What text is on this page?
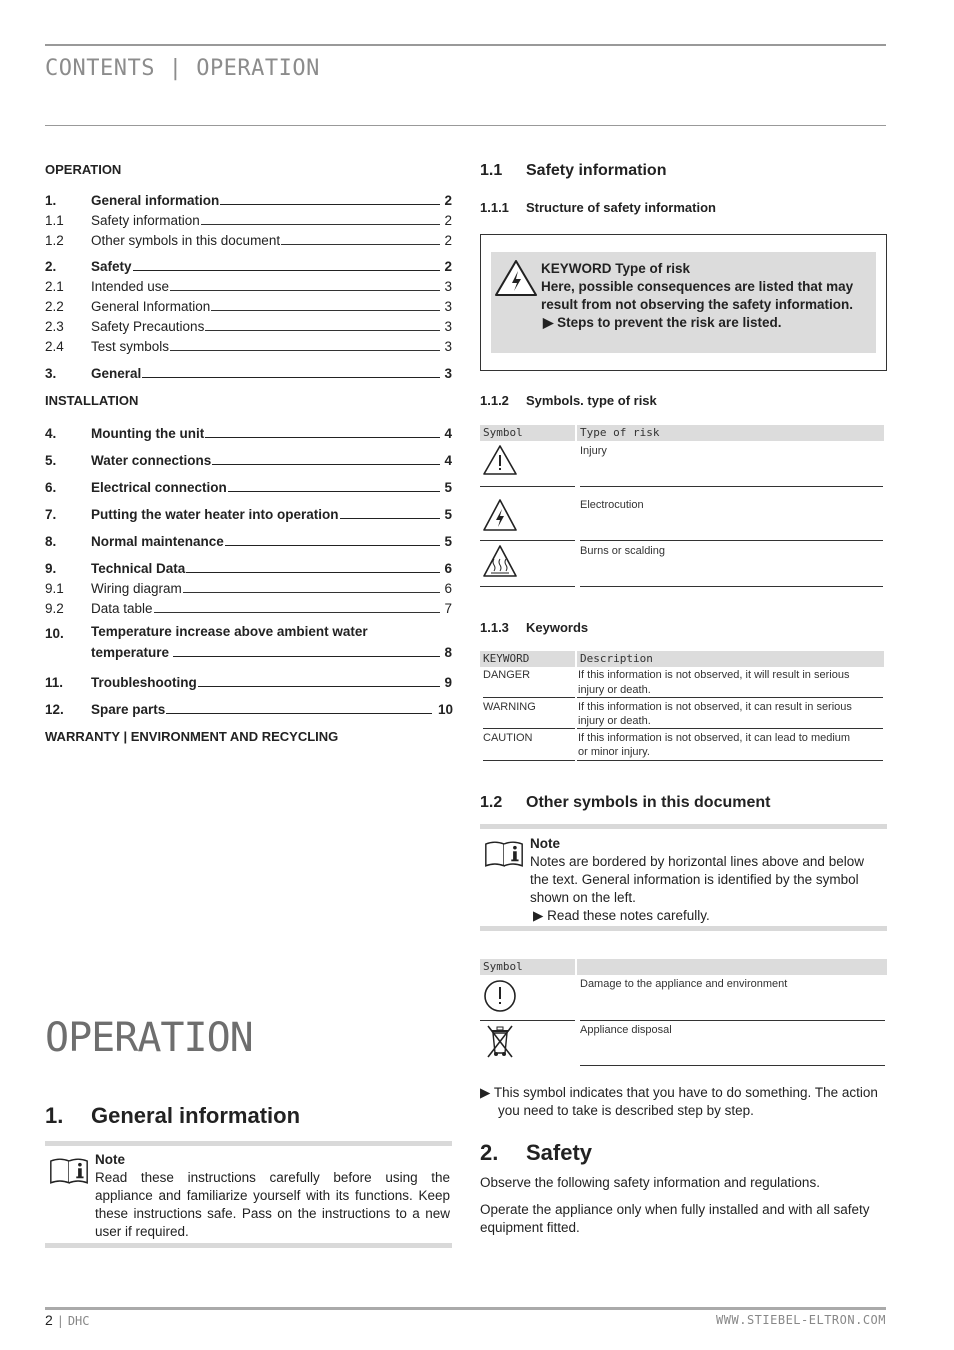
CONTENTS | OPERATION
OPERATION
1.	General information	2
1.1	Safety information	2
1.2	Other symbols in this document	2
2.	Safety	2
2.1	Intended use	3
2.2	General Information	3
2.3	Safety Precautions	3
2.4	Test symbols	3
3.	General	3
INSTALLATION
4.	Mounting the unit	4
5.	Water connections	4
6.	Electrical connection	5
7.	Putting the water heater into operation	5
8.	Normal maintenance	5
9.	Technical Data	6
9.1	Wiring diagram	6
9.2	Data table	7
10.	Temperature increase above ambient water
temperature	8
11.	Troubleshooting	9
12.	Spare parts	10
WARRANTY | ENVIRONMENT AND RECYCLING
OPERATION
1. General information
Note
Read these instructions carefully before using the appliance and familiarize yourself with its functions. Keep these instructions safe. Pass on the instructions to a new user if required.
1.1 Safety information
1.1.1 Structure of safety information
KEYWORD Type of risk
Here, possible consequences are listed that may result from not observing the safety information.
▶ Steps to prevent the risk are listed.
1.1.2 Symbols. type of risk
Symbol	Type of risk
Injury
Electrocution
Burns or scalding
1.1.3 Keywords
KEYWORD	Description
DANGER	If this information is not observed, it will result in serious
injury or death.
WARNING	If this information is not observed, it can result in serious
injury or death.
CAUTION	If this information is not observed, it can lead to medium
or minor injury.
1.2 Other symbols in this document
Note
Notes are bordered by horizontal lines above and below the text. General information is identified by the symbol shown on the left.
▶ Read these notes carefully.
Symbol
Damage to the appliance and environment
Appliance disposal
▶ This symbol indicates that you have to do something. The action you need to take is described step by step.
2. Safety
Observe the following safety information and regulations.
Operate the appliance only when fully installed and with all safety equipment fitted.
2 | DHC	WWW.STIEBEL-ELTRON.COM
